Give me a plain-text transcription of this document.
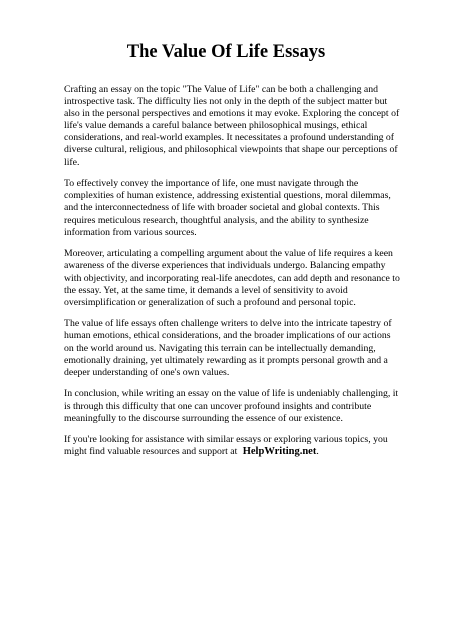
The Value Of Life Essays

Crafting an essay on the topic "The Value of Life" can be both a challenging and introspective task. The difficulty lies not only in the depth of the subject matter but also in the personal perspectives and emotions it may evoke. Exploring the concept of life's value demands a careful balance between philosophical musings, ethical considerations, and real-world examples. It necessitates a profound understanding of diverse cultural, religious, and philosophical viewpoints that shape our perceptions of life.

To effectively convey the importance of life, one must navigate through the complexities of human existence, addressing existential questions, moral dilemmas, and the interconnectedness of life with broader societal and global contexts. This requires meticulous research, thoughtful analysis, and the ability to synthesize information from various sources.

Moreover, articulating a compelling argument about the value of life requires a keen awareness of the diverse experiences that individuals undergo. Balancing empathy with objectivity, and incorporating real-life anecdotes, can add depth and resonance to the essay. Yet, at the same time, it demands a level of sensitivity to avoid oversimplification or generalization of such a profound and personal topic.

The value of life essays often challenge writers to delve into the intricate tapestry of human emotions, ethical considerations, and the broader implications of our actions on the world around us. Navigating this terrain can be intellectually demanding, emotionally draining, yet ultimately rewarding as it prompts personal growth and a deeper understanding of one's own values.

In conclusion, while writing an essay on the value of life is undeniably challenging, it is through this difficulty that one can uncover profound insights and contribute meaningfully to the discourse surrounding the essence of our existence.

If you're looking for assistance with similar essays or exploring various topics, you might find valuable resources and support at HelpWriting.net.
